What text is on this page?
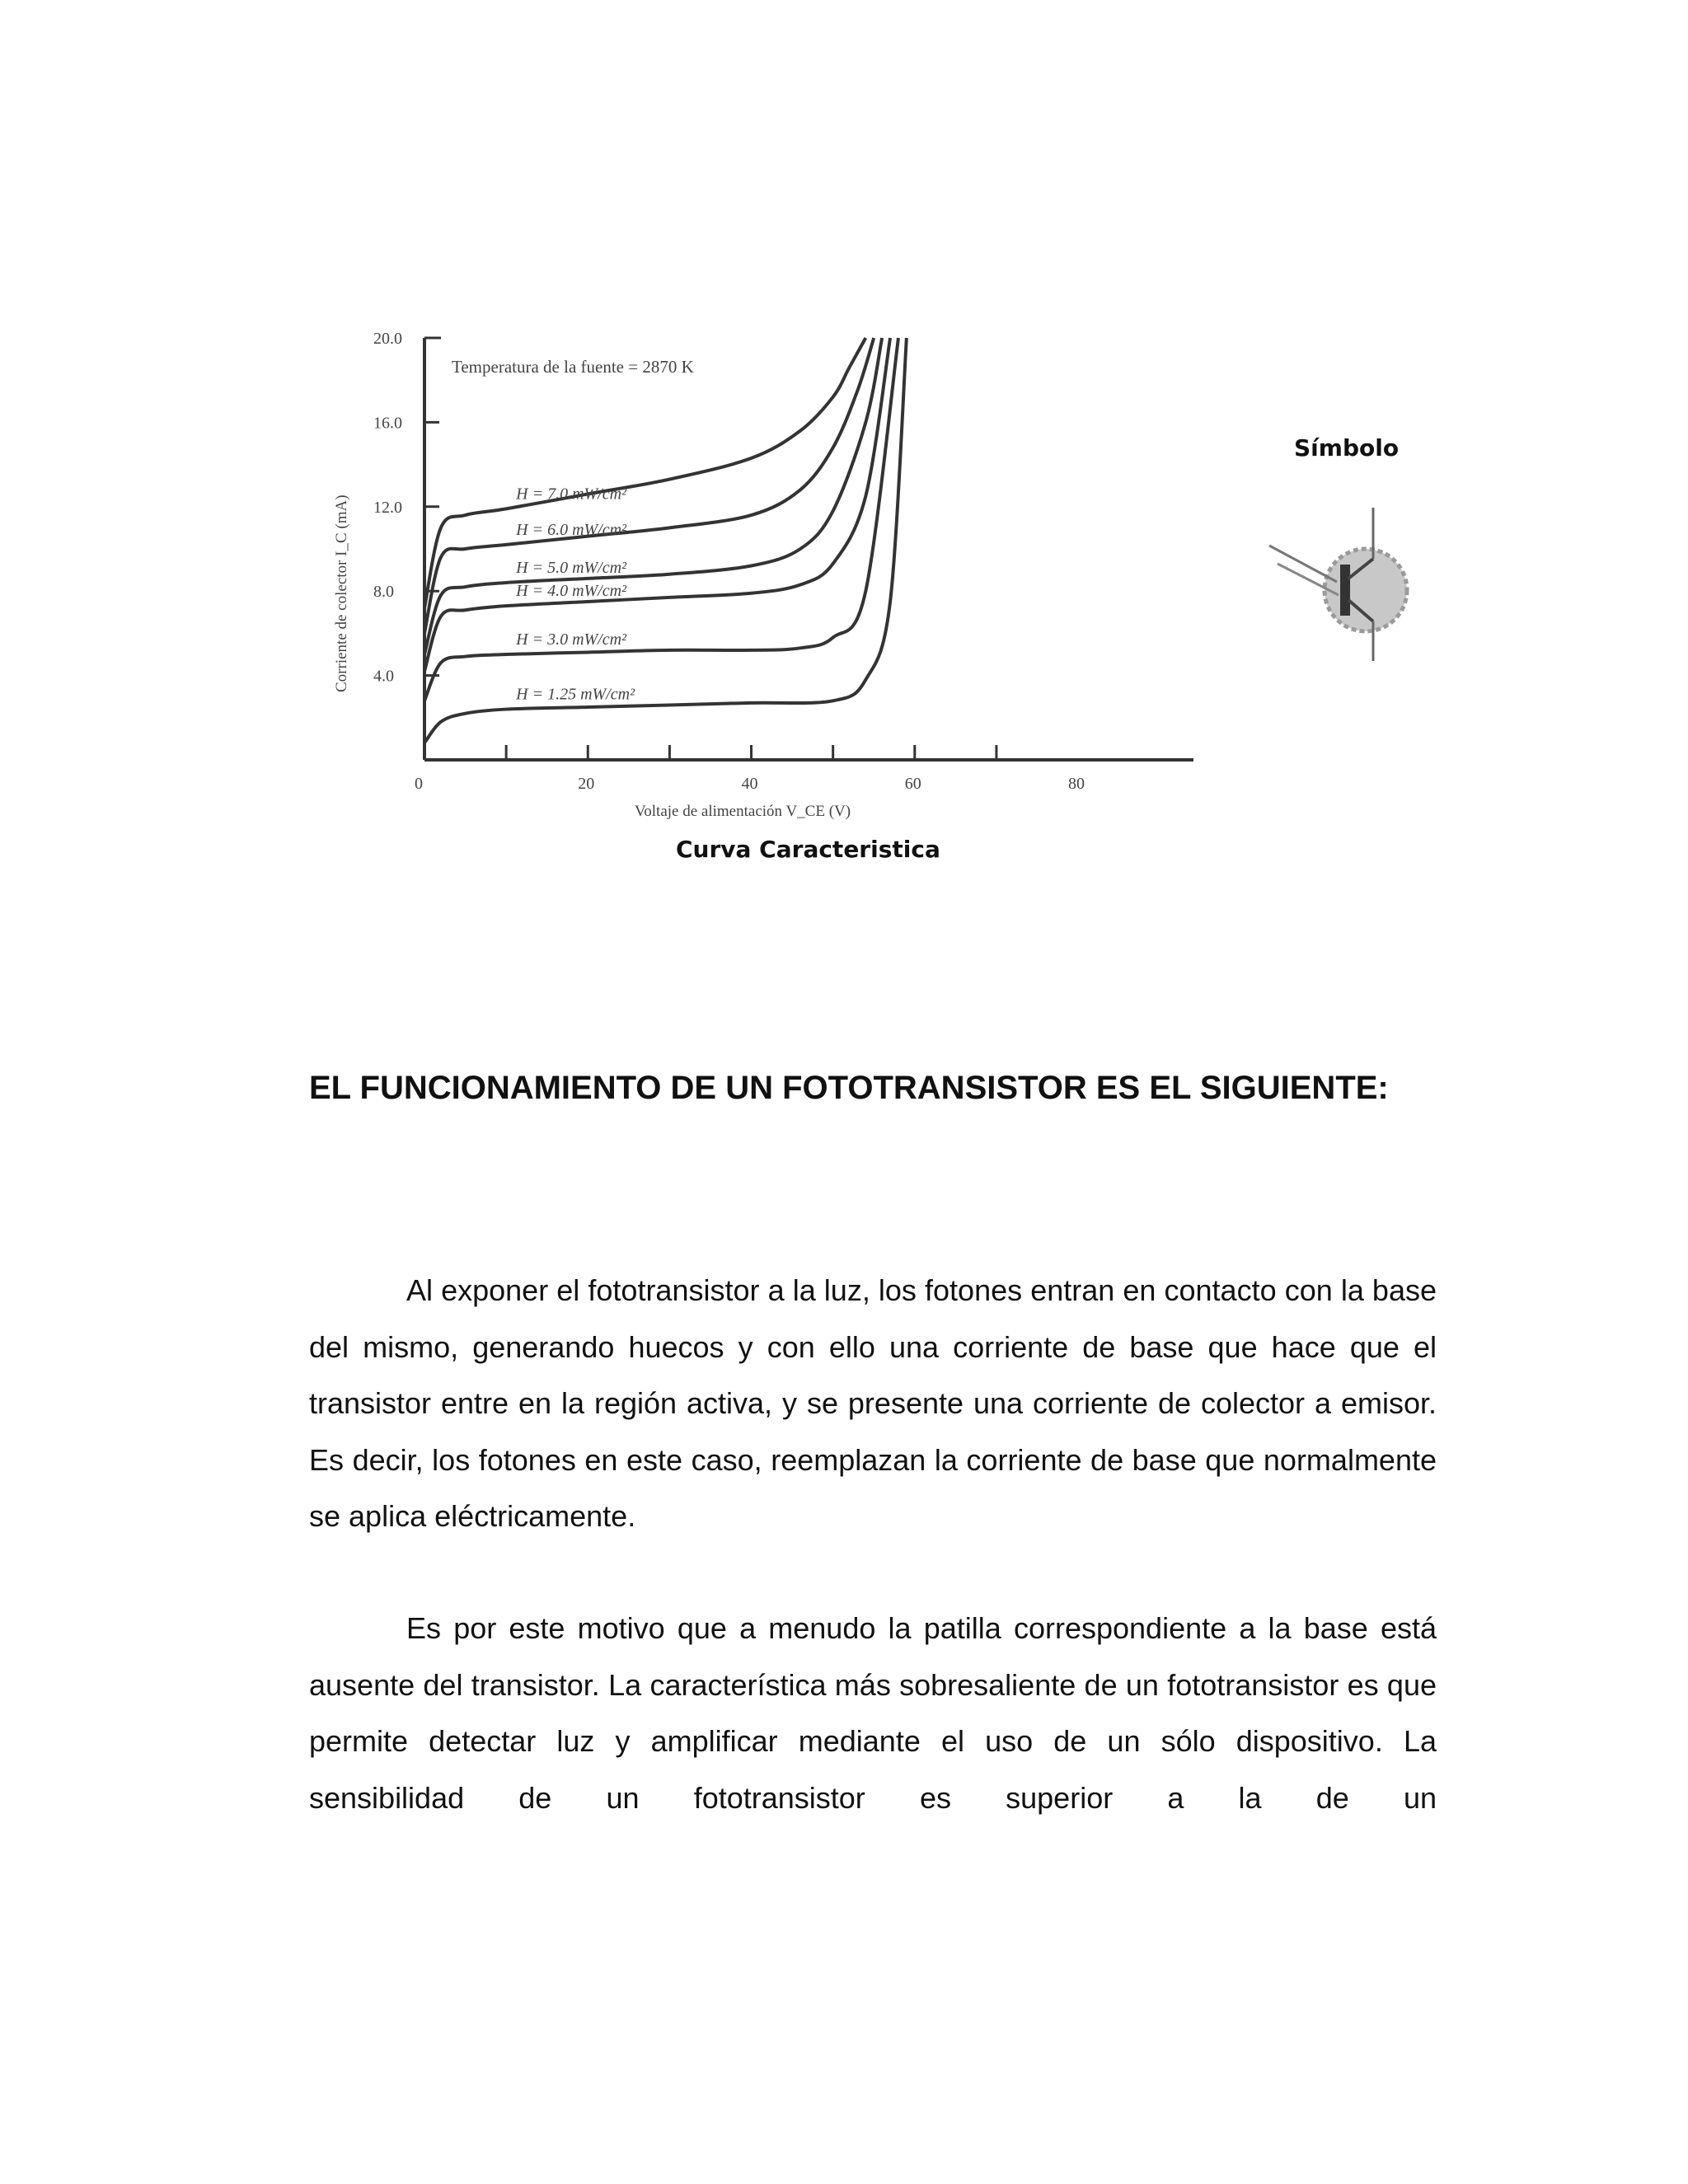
0	20	40	60	80
20.0
16.0
12.0
8.0
4.0
H = 7.0 mW/cm²
H = 6.0 mW/cm²
H = 5.0 mW/cm²
H = 4.0 mW/cm²
H = 3.0 mW/cm²
H = 1.25 mW/cm²
Temperatura de la fuente = 2870 K
Corriente de colector I_C (mA)
Voltaje de alimentación V_CE (V)
Curva Caracteristica
Símbolo
EL FUNCIONAMIENTO DE UN FOTOTRANSISTOR ES EL SIGUIENTE:

Al exponer el fototransistor a la luz, los fotones entran en contacto con la base del mismo, generando huecos y con ello una corriente de base que hace que el transistor entre en la región activa, y se presente una corriente de colector a emisor. Es decir, los fotones en este caso, reemplazan la corriente de base que normalmente se aplica eléctricamente.

Es por este motivo que a menudo la patilla correspondiente a la base está ausente del transistor. La característica más sobresaliente de un fototransistor es que permite detectar luz y amplificar mediante el uso de un sólo dispositivo. La sensibilidad de un fototransistor es superior a la de un
